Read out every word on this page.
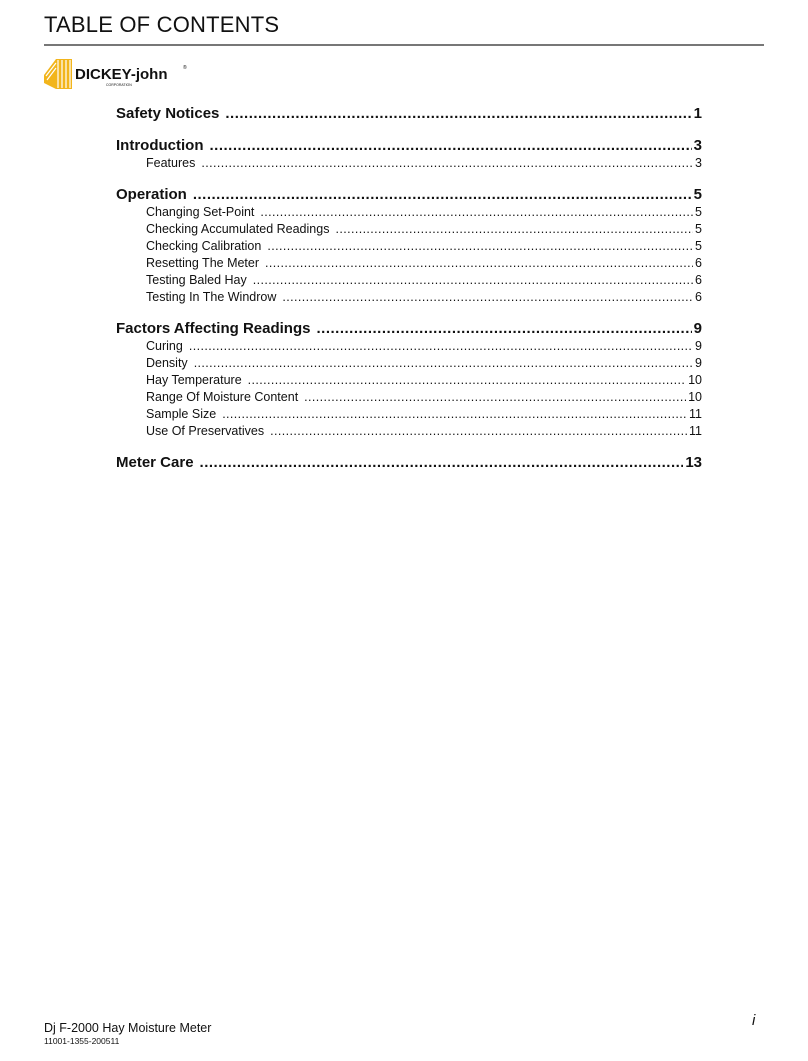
TABLE OF CONTENTS
DICKEY-john	®
CORPORATION
Safety Notices .....	1
Introduction .....	3
Features .....	3
Operation .....	5
Changing Set-Point .....	5
Checking Accumulated Readings .....	5
Checking Calibration .....	5
Resetting The Meter .....	6
Testing Baled Hay .....	6
Testing In The Windrow .....	6
Factors Affecting Readings .....	9
Curing .....	9
Density .....	9
Hay Temperature .....	10
Range Of Moisture Content .....	10
Sample Size .....	11
Use Of Preservatives .....	11
Meter Care .....	13
Dj F-2000 Hay Moisture Meter
11001-1355-200511
i
